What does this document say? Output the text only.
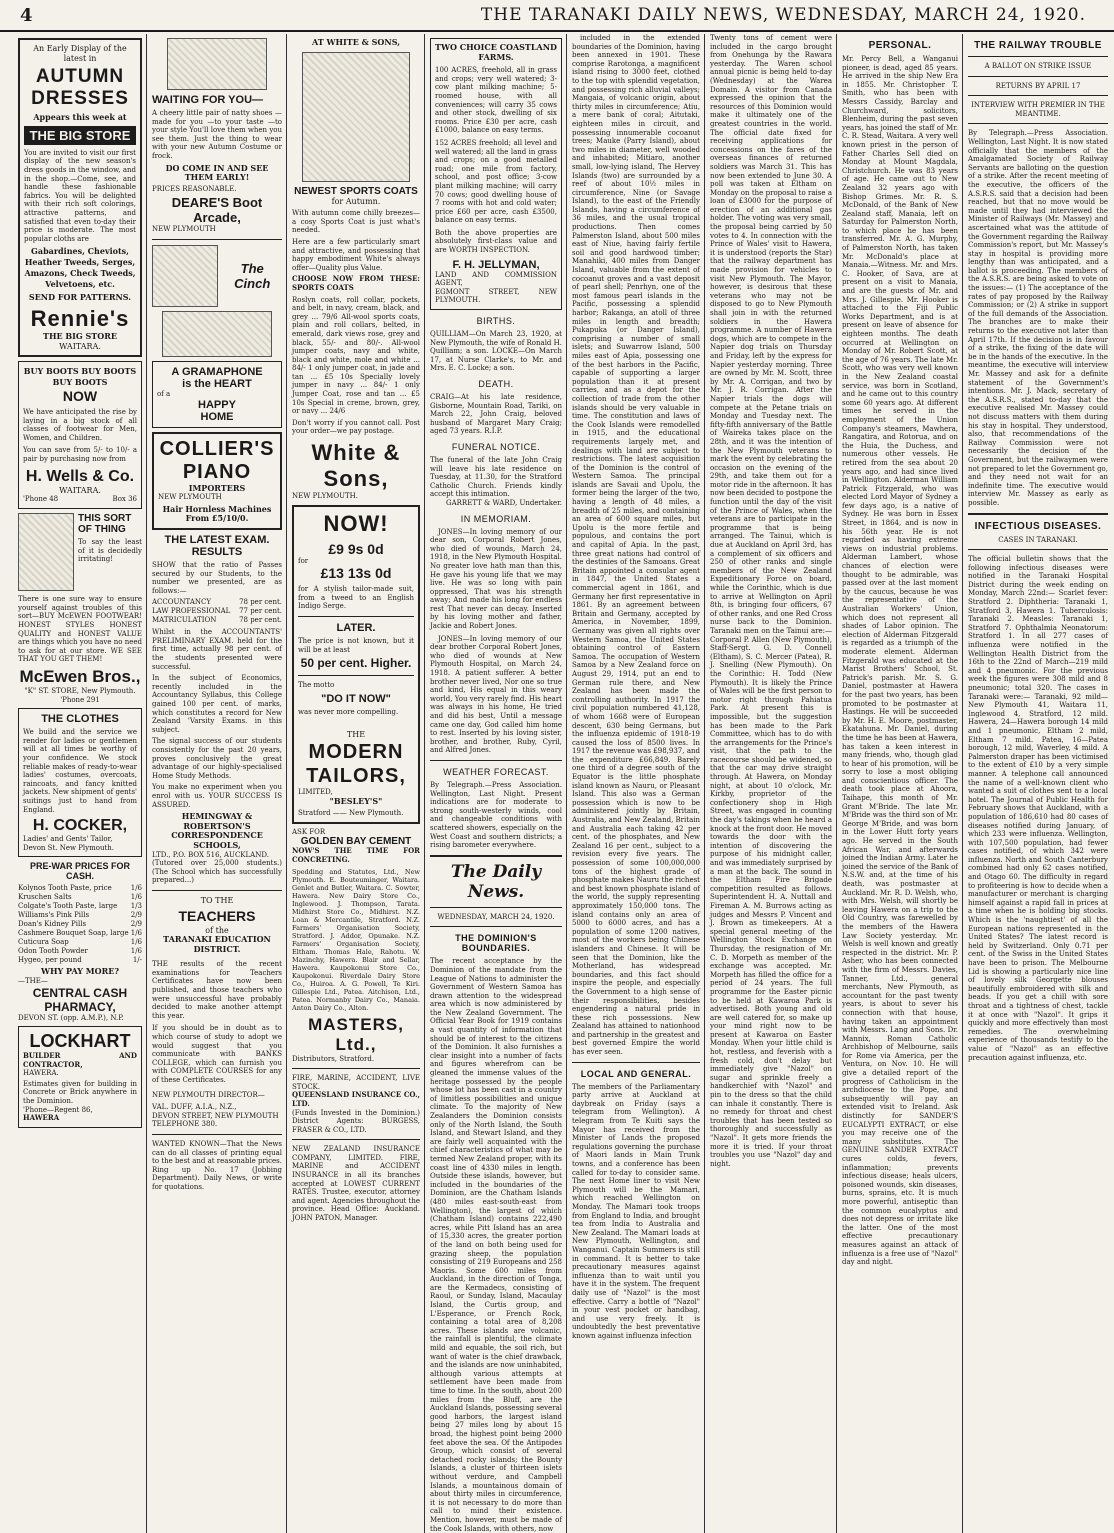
4	THE TARANAKI DAILY NEWS, WEDNESDAY, MARCH 24, 1920.
An Early Display of the latest in
AUTUMN
DRESSES
Appears this week at
THE BIG STORE
You are invited to visit our first display of the new season's dress goods in the window, and in the shop.—Come, see, and handle these fashionable fabrics. You will be delighted with their rich soft colorings, attractive patterns, and satisfied that even to-day their price is moderate. The most popular cloths are
Gabardines, Cheviots, Heather Tweeds, Serges, Amazons, Check Tweeds, Velvetoens, etc.
SEND FOR PATTERNS.
Rennie's
THE BIG STORE
WAITARA.
BUY BOOTS BUY BOOTS BUY BOOTS
NOW
We have anticipated the rise by laying in a big stock of all classes of footwear for Men, Women, and Children.
You can save from 5/- to 10/- a pair by purchasing now from
H. Wells & Co.
WAITARA.
'Phone 48	Box 36
THIS SORT OF THING
To say the least of it is decidedly irritating!
There is one sure way to ensure yourself against troubles of this sort—BUY McEWEN FOOTWEAR! HONEST STYLES HONEST QUALITY and HONEST VALUE are things which you have no need to ask for at our store. WE SEE THAT YOU GET THEM!
McEwen Bros.,
"K" ST. STORE, New Plymouth. 'Phone 291
THE CLOTHES
We build and the service we render for ladies or gentlemen will at all times be worthy of your confidence. We stock reliable makes of ready-to-wear ladies' costumes, overcoats, raincoats, and fancy knitted jackets. New shipment of gents' suitings just to hand from England.
H. COCKER,
Ladies' and Gents' Tailor,
Devon St. New Plymouth.
PRE-WAR PRICES FOR CASH.
Kolynos Tooth Paste, price	1/6
Kruschen Salts	1/6
Colgate's Tooth Paste, large 1/3
Williams's Pink Pills	2/9
Doan's Kidney Pills	2/9
Cashmere Bouquet Soap, large 1/6
Cuticura Soap	1/6
Odon Tooth Powder	1/6
Hygeo, per pound	1/-
WHY PAY MORE?
—THE—
CENTRAL CASH PHARMACY,
DEVON ST. (opp. A.M.P.), N.P.
LOCKHART
BUILDER AND CONTRACTOR,
HAWERA.
Estimates given for building in Concrete or Brick anywhere in the Dominion.
'Phone—Regent 86,
HAWERA
WAITING FOR YOU—
A cheery little pair of natty shoes —made for you —to your taste —to your style You'll love them when you see them. Just the thing to wear with your new Autumn Costume or frock.
DO COME IN AND SEE THEM EARLY!
PRICES REASONABLE.
DEARE'S Boot Arcade,
NEW PLYMOUTH
The Cinch
A GRAMAPHONE
is the HEART
of a
HAPPY
HOME
COLLIER'S
PIANO
IMPORTERS
NEW PLYMOUTH
Hair Hornless Machines From £5/10/0.
THE LATEST EXAM. RESULTS
SHOW that the ratio of Passes secured by our Students, to the number we presented, are as follows:—
ACCOUNTANCY	78 per cent.
LAW PROFESSIONAL 77 per cent.
MATRICULATION	78 per cent.
Whilst in the ACCOUNTANTS' PRELIMINARY EXAM. held for the first time, actually 98 per cent. of the students presented were successful.
In the subject of Economics, recently included in the Accountancy Syllabus, this College gained 100 per cent. of marks, which constitutes a record for New Zealand 'Varsity Exams. in this subject.
The signal success of our students consistently for the past 20 years, proves conclusively the great advantage of our highly-specialised Home Study Methods.
You make no experiment when you enrol with us. YOUR SUCCESS IS ASSURED.
HEMINGWAY & ROBERTSON'S CORRESPONDENCE SCHOOLS,
LTD., P.O. BOX 516, AUCKLAND.
(Tutored over 25,000 students.) (The School which has successfully prepared...)
TO THE
TEACHERS
of the
TARANAKI EDUCATION DISTRICT.
THE results of the recent examinations for Teachers Certificates have now been published, and those teachers who were unsuccessful have probably decided to make another attempt this year.
If you should be in doubt as to which course of study to adopt we would suggest that you communicate with BANKS COLLEGE, which can furnish you with COMPLETE COURSES for any of these Certificates.
NEW PLYMOUTH DIRECTOR—
VAL. DUFF, A.I.A., N.Z.,
DEVON STREET, NEW PLYMOUTH
TELEPHONE 380.
WANTED KNOWN—That the News can do all classes of printing equal to the best and at reasonable prices. Ring up No. 17 (Jobbing Department). Daily News, or write for quotations.
AT WHITE & SONS,
NEWEST SPORTS COATS
for Autumn.
With autumn come chilly breezes—a cosy Sports Coat is just what's needed.
Here are a few particularly smart and attractive, and possessing that happy embodiment White's always offer—Quality plus Value.
CHOOSE NOW FROM THESE: SPORTS COATS
Roslyn coats, roll collar, pockets, and belt, in navy, cream, black, and grey ... 79/6 All-wool sports coats, plain and roll collars, belted, in emerald, dark views rose, grey and black, 55/- and 80/-. All-wool jumper coats, navy and white, black and white, mole and white ... 84/- 1 only jumper coat, in jade and tan ... £5 10s Specially lovely jumper in navy ... 84/- 1 only Jumper Coat, rose and tan ... £5 10s Special in creme, brown, grey, or navy ... 24/6
Don't worry if you cannot call. Post your order—we pay postage.
White & Sons,
NEW PLYMOUTH.
NOW!
£9 9s 0d
for
£13 13s 0d
for A stylish tailor-made suit, from a tweed to an English Indigo Serge.
LATER.
The price is not known, but it will be at least
50 per cent. Higher.
The motto
"DO IT NOW"
was never more compelling.
THE
MODERN TAILORS,
LIMITED,
"BESLEY'S"
Stratford —— New Plymouth.
ASK FOR
GOLDEN BAY CEMENT
NOW'S THE TIME FOR CONCRETING.
Spedding and Statutes, Ltd., New Plymouth. E. Bouteuminger, Waitara. Genlet and Butler, Waitara. C. Sowter, Hawera. New Dairy Store Co., Inglewood. J. Thompson, Tarata. Midhirst Store Co., Midhirst. N.Z. Loan & Mercantile, Stratford. N.Z. Farmers' Organisation Society, Stratford. J. Addor, Opunake. N.Z. Farmers' Organisation Society, Eltham. Thomas Hale, Rahotu. W. Mazinchy, Hawera. Blair and Sellar, Hawera. Kaupokonui Store Co., Kaupokonui. Riverdale Dairy Store Co., Huiroa. A. G. Powell, Te Kiri. Gillespie Ltd., Patea. Aitchison, Ltd., Patea. Normanby Dairy Co., Manaia. Anton Dairy Co., Alton.
MASTERS, Ltd.,
Distributors, Stratford.
FIRE, MARINE, ACCIDENT, LIVE STOCK.
QUEENSLAND INSURANCE CO., LTD.
(Funds Invested in the Dominion.) District Agents: BURGESS, FRASER & CO., LTD.
NEW ZEALAND INSURANCE COMPANY, LIMITED. FIRE, MARINE and ACCIDENT INSURANCE in all its branches accepted at LOWEST CURRENT RATES. Trustee, executor, attorney and agent. Agencies throughout the province. Head Office: Auckland. JOHN PATON, Manager.
TWO CHOICE COASTLAND FARMS.
100 ACRES, freehold, all in grass and crops; very well watered; 3-cow plant milking machine; 5-roomed house, with all conveniences; will carry 35 cows and other stock, dwelling of six rooms. Price £30 per acre, cash £1000, balance on easy terms.
152 ACRES freehold; all level and well watered; all the land in grass and crops; on a good metalled road; one mile from factory, school, and post office; 3-cow plant milking machine; will carry 70 cows; good dwelling house of 7 rooms with hot and cold water; price £60 per acre, cash £3500, balance on easy terms.
Both the above properties are absolutely first-class value and are WORTH INSPECTION.
F. H. JELLYMAN,
LAND AND COMMISSION AGENT,
EGMONT STREET, NEW PLYMOUTH.
BIRTHS.
QUILLIAM—On March 23, 1920, at New Plymouth, the wife of Ronald H. Quilliam; a son. LOCKE—On March 17, at Nurse Clarke's, to Mr. and Mrs. E. C. Locke; a son.
DEATH.
CRAIG—At his late residence, Gisborne, Mountain Road, Tariki, on March 22, John Craig, beloved husband of Margaret Mary Craig; aged 73 years. R.I.P.
FUNERAL NOTICE.
The funeral of the late John Craig will leave his late residence on Tuesday, at 11.30, for the Stratford Catholic Church. Friends kindly accept this intimation.
GARRETT & WARD, Undertaker.
IN MEMORIAM.
JONES—In loving memory of our dear son, Corporal Robert Jones, who died of wounds, March 24, 1918, in the New Plymouth Hospital. No greater love hath man than this, He gave his young life that we may live. He was so long with pain oppressed, That was his strength away; And made his long for endless rest That never can decay. Inserted by his loving mother and father, Jackie and Robert Jones.
JONES—In loving memory of our dear brother Corporal Robert Jones, who died of wounds at New Plymouth Hospital, on March 24, 1918. A patient sufferer. A better brother never lived, Nor one so true and kind, His equal in this weary world, You very rarely find. His heart was always in his home, He tried and did his best, Until a message came one day, God called him home to rest. Inserted by his loving sister, brother, and brother, Ruby, Cyril, and Alfred Jones.
WEATHER FORECAST.
By Telegraph.—Press Association. Wellington, Last Night. Present indications are for moderate to strong south-westerly winds, cool and changeable conditions with scattered showers, especially on the West Coast and southern districts; a rising barometer everywhere.
The Daily News.
WEDNESDAY, MARCH 24, 1920.
THE DOMINION'S BOUNDARIES.
The recent acceptance by the Dominion of the mandate from the League of Nations to administer the Government of Western Samoa has drawn attention to the widespread area which is now administered by the New Zealand Government. The Official Year Book for 1919 contains a vast quantity of information that should be of interest to the citizens of the Dominion. It also furnishes a clear insight into a number of facts and figures wherefrom can be gleaned the immense values of the heritage possessed by the people whose lot has been cast in a country of limitless possibilities and unique climate. To the majority of New Zealanders the Dominion consists only of the North Island, the South Island, and Stewart Island, and they are fairly well acquainted with the chief characteristics of what may be termed New Zealand proper, with its coast line of 4330 miles in length. Outside these islands, however, but included in the boundaries of the Dominion, are the Chatham Islands (480 miles east-south-east from Wellington), the largest of which (Chatham Island) contains 222,490 acres, while Pitt Island has an area of 15,330 acres, the greater portion of the land on both being used for grazing sheep, the population consisting of 219 Europeans and 258 Maoris. Some 600 miles from Auckland, in the direction of Tonga, are the Kermadecs, consisting of Raoul, or Sunday, Island, Macaulay Island, the Curtis group, and L'Esperance, or French Rock, containing a total area of 8,208 acres. These islands are volcanic, the rainfall is plentiful, the climate mild and equable, the soil rich, but want of water is the chief drawback, and the islands are now uninhabited, although various attempts at settlement have been made from time to time. In the south, about 200 miles from the Bluff, are the Auckland Islands, possessing several good harbors, the largest island being 27 miles long by about 15 broad, the highest point being 2000 feet above the sea. Of the Antipodes Group, which consist of several detached rocky islands; the Bounty Islands, a cluster of thirteen islets without verdure, and Campbell Islands, a mountainous domain of about thirty miles in circumference, it is not necessary to do more than call to mind their existence. Mention, however, must be made of the Cook Islands, with others, now
included in the extended boundaries of the Dominion, having been annexed in 1901. These comprise Rarotonga, a magnificent island rising to 3000 feet, clothed to the top with splendid vegetation, and possessing rich alluvial valleys; Mangaia, of volcanic origin, about thirty miles in circumference; Atiu, a mere bank of coral; Aitutaki, eighteen miles in circuit, and possessing innumerable cocoanut trees; Mauke (Parry Island), about two miles in diameter, well wooded and inhabited; Mitiaro, another small, low-lying island, The Hervey Islands (two) are surrounded by a reef of about 10½ miles in circumference, Nine (or Savage Island), to the east of the Friendly Islands, having a circumference of 36 miles, and the usual tropical productions. Then comes Palmerston Island, about 500 miles east of Niue, having fairly fertile soil and good hardwood timber; Manahiki, 400 miles from Danger Island, valuable from the extent of cocoanut groves and a vast deposit of pearl shell; Penrhyn, one of the most famous pearl islands in the Pacific, possessing a splendid harbor; Rakanga, an atoll of three miles in length and breadth; Pukapuka (or Danger Island), comprising a number of small islets; and Suwarrow Island, 500 miles east of Apia, possessing one of the best harbors in the Pacific, capable of supporting a larger population than it at present carries, and as a depot for the collection of trade from the other islands should be very valuable in time. The constitution and laws of the Cook Islands were remodelled in 1915, and the educational requirements largely met, and dealings with land are subject to restrictions. The latest acquisition of the Dominion is the control of Western Samoa. The principal islands are Savaii and Upolu, the former being the larger of the two, having a length of 48 miles, a breadth of 25 miles, and containing an area of 600 square miles, but Upolu is the more fertile and populous, and contains the port and capital of Apia. In the past, three great nations had control of the destinies of the Samoans. Great Britain appointed a consular agent in 1847, the United States a commercial agent in 1861, and Germany her first representative in 1861. By an agreement between Britain and Germany, accepted by America, in November, 1899, Germany was given all rights over Western Samoa, the United States obtaining control of Eastern Samoa. The occupation of Western Samoa by a New Zealand force on August 29, 1914, put an end to German rule there, and New Zealand has been made the controlling authority. In 1917 the civil population numbered 41,128, of whom 1668 were of European descent, 630 being Germans, but the influenza epidemic of 1918-19 caused the loss of 8500 lives. In 1917 the revenue was £98,937, and the expenditure £66,849. Barely one third of a degree south of the Equator is the little phosphate island known as Nauru, or Pleasant Island. This also was a German possession which is now to be administered jointly by Britain, Australia, and New Zealand, Britain and Australia each taking 42 per cent. of the phosphates, and New Zealand 16 per cent., subject to a revision every five years. The possession of some 100,000,000 tons of the highest grade of phosphate makes Nauru the richest and best known phosphate island of the world, the supply representing approximately 150,000 tons. The island contains only an area of 5000 to 6000 acres, and has a population of some 1200 natives, most of the workers being Chinese islanders and Chinese. It will be seen that the Dominion, like the Motherland, has widespread boundaries, and this fact should inspire the people, and especially the Government to a high sense of their responsibilities, besides engendering a natural pride in these rich possessions. New Zealand has attained to nationhood and partnership in the greatest and best governed Empire the world has ever seen.
LOCAL AND GENERAL.
The members of the Parliamentary party arrive at Auckland at daybreak on Friday (says a telegram from Wellington). A telegram from Te Kuiti says the Mayor has received from the Minister of Lands the proposed regulations governing the purchase of Maori lands in Main Trunk towns, and a conference has been called for to-day to consider same. The next Home liner to visit New Plymouth will be the Mamari, which reached Wellington on Monday. The Mamari took troops from England to India, and brought tea from India to Australia and New Zealand. The Mamari loads at New Plymouth, Wellington, and Wanganui. Captain Summers is still in command. It is better to take precautionary measures against influenza than to wait until you have it in the system. The frequent daily use of "Nazol" is the most effective. Carry a bottle of "Nazol" in your vest pocket or handbag, and use very freely. It is undoubtedly the best preventative known against influenza infection
Twenty tons of cement were included in the cargo brought from Onehunga by the Rawara yesterday. The Waren school annual picnic is being held to-day (Wednesday) at the Warea Domain. A visitor from Canada expressed the opinion that the resources of this Dominion would make it ultimately one of the greatest countries in the world. The official date fixed for receiving applications for concessions on the fares of the overseas finances of returned soldiers was March 31. This has now been extended to June 30. A poll was taken at Eltham on Monday on the proposal to raise a loan of £3000 for the purpose of erection of an additional gas holder. The voting was very small, the proposal being carried by 50 votes to 4. In connection with the Prince of Wales' visit to Hawera, it is understood (reports the Star) that the railway department has made provision for vehicles to visit New Plymouth. The Mayor, however, is desirous that these veterans who may not be disposed to go to New Plymouth shall join in with the returned soldiers in the Hawera programme. A number of Hawera dogs, which are to compete in the Napier dog trials on Thursday and Friday, left by the express for Napier yesterday morning. Three are owned by Mr. M. Scott, three by Mr. A. Corrigan, and two by Mr. J. R. Corrigan. After the Napier trials the dogs will compete at the Petane trials on Monday and Tuesday next. The fifty-fifth anniversary of the Battle of Waireka takes place on the 28th, and it was the intention of the New Plymouth veterans to mark the event by celebrating the occasion on the evening of the 29th, and take them out for a motor ride in the afternoon. It has now been decided to postpone the function until the day of the visit of the Prince of Wales, when the veterans are to participate in the programme that is being arranged. The Tainui, which is due at Auckland on April 3rd, has a complement of six officers and 250 of other ranks and single members of the New Zealand Expeditionary Force on board, while the Corinthic, which is due to arrive at Wellington on April 8th, is bringing four officers, 67 of other ranks, and one Red Cross nurse back to the Dominion. Taranaki men on the Tainui are:—Corporal P. Allen (New Plymouth), Staff-Sergt. G. D. Connell (Eltham), S. C. Mercer (Patea), R. J. Snelling (New Plymouth). On the Corinthic: H. Todd (New Plymouth). It is likely the Prince of Wales will be the first person to motor right through Pahiatua Park. At present this is impossible, but the suggestion has been made to the Park Committee, which has to do with the arrangements for the Prince's visit, that the path to the racecourse should be widened, so that the car may drive straight through. At Hawera, on Monday night, at about 10 o'clock, Mr. Kirkby, proprietor of the confectionery shop in High Street, was engaged in counting the day's takings when he heard a knock at the front door. He moved towards the door with the intention of discovering the purpose of his midnight caller, and was immediately surprised by a man at the back. The sound in the Eltham Fire Brigade competition resulted as follows. Superintendent H. A. Nuttall and Fireman A. M. Burrows acting as judges and Messrs P. Vincent and J. Brown as timekeepers. At a special general meeting of the Wellington Stock Exchange on Thursday, the resignation of Mr. C. D. Morpeth as member of the exchange was accepted. Mr. Morpeth has filled the office for a period of 24 years. The full programme for the Easter picnic to be held at Kawaroa Park is advertised. Both young and old are well catered for, so make up your mind right now to be present at Kawaroa on Easter Monday. When your little child is hot, restless, and feverish with a fresh cold, don't delay but immediately give "Nazol" on sugar and sprinkle freely a handkerchief with "Nazol" and pin to the dress so that the child can inhale it constantly. There is no remedy for throat and chest troubles that has been tested so thoroughly and successfully as "Nazol". It gets more friends the more it is tried. If your throat troubles you use "Nazol" day and night.
PERSONAL.
Mr. Percy Bell, a Wanganui pioneer, is dead, aged 85 years. He arrived in the ship New Era in 1855. Mr. Christopher T. Smith, who has been with Messrs Cassidy, Barclay and Churchward, solicitors, Blenheim, during the past seven years, has joined the staff of Mr. C. R. Stead, Waitara. A very well known priest in the person of Father Charles Sell died on Monday at Mount Magdala, Christchurch. He was 83 years of age. He came out to New Zealand 32 years ago with Bishop Grimes. Mr. R. S. McDonald, of the Bank of New Zealand staff, Manaia, left on Saturday for Palmerston North, to which place he has been transferred. Mr. A. G. Murphy, of Palmerston North, has taken Mr. McDonald's place at Manaia.—Witness. Mr. and Mrs. C. Hooker, of Sava, are at present on a visit to Manaia, and are the guests of Mr. and Mrs. J. Gillespie. Mr. Hooker is attached to the Fiji Public Works Department, and is at present on leave of absence for eighteen months. The death occurred at Wellington on Monday of Mr. Robert Scott, at the age of 76 years. The late Mr. Scott, who was very well known in the New Zealand coastal service, was born in Scotland, and he came out to this country some 60 years ago. At different times he served in the employment of the Union Company's steamers, Mawhera, Rangatira, and Rotorua, and on the Huia, the Duchess, and numerous other vessels. He retired from the sea about 20 years ago, and had since lived in Wellington. Alderman William Patrick Fitzgerald, who was elected Lord Mayor of Sydney a few days ago, is a native of Sydney. He was born in Essex Street, in 1864, and is now in his 56th year. He is not regarded as having extreme views on industrial problems. Alderman Lambert, whose chances of election were thought to be admirable, was passed over at the last moment by the caucus, because he was the representative of the Australian Workers' Union, which does not represent all shades of Labor opinion. The election of Alderman Fitzgerald is regarded as a triumph of the moderate element. Alderman Fitzgerald was educated at the Marist Brothers' School, St. Patrick's parish. Mr. S. G. Daniel, postmaster at Hawera for the past two years, has been promoted to be postmaster at Hastings. He will be succeeded by Mr. H. E. Moore, postmaster, Ekatahuna. Mr. Daniel, during the time he has been at Hawera, has taken a keen interest in many friends, who, though glad to hear of his promotion, will be sorry to lose a most obliging and conscientious officer. The death took place at Ahoora, Taihape, this month of Mr. Grant M'Bride. The late Mr. M'Bride was the third son of Mr. George M'Bride, and was born in the Lower Hutt forty years ago. He served in the South African War, and afterwards joined the Indian Army. Later he joined the service of the Bank of N.S.W. and, at the time of his death, was postmaster at Auckland. Mr. R. D. Welsh, who, with Mrs. Welsh, will shortly be leaving Hawera on a trip to the Old Country, was farewelled by the members of the Hawera Law Society yesterday. Mr. Welsh is well known and greatly respected in the district. Mr. P. Asher, who has been connected with the firm of Messrs. Davies, Tanner, Ltd., general merchants, New Plymouth, as accountant for the past twenty years, is about to sever his connection with that house, having taken an appointment with Messrs. Lang and Sons. Dr. Mannix, Roman Catholic Archbishop of Melbourne, sails for Rome via America, per the Ventura, on Nov. 10. He will give a detailed report of the progress of Catholicism in the archdiocese to the Pope, and subsequently will pay an extended visit to Ireland. Ask distinctly for SANDER'S EUCALYPTI EXTRACT, or else you may receive one of the many substitutes. The GENUINE SANDER EXTRACT cures colds, fevers, inflammation; prevents infectious disease; heals ulcers, poisoned wounds, skin diseases, burns, sprains, etc. It is much more powerful, antiseptic than the common eucalyptus and does not depress or irritate like the latter. One of the most effective precautionary measures against an attack of influenza is a free use of "Nazol" day and night.
THE RAILWAY TROUBLE
A BALLOT ON STRIKE ISSUE
RETURNS BY APRIL 17
INTERVIEW WITH PREMIER IN THE MEANTIME.
By Telegraph.—Press Association. Wellington, Last Night. It is now stated officially that the members of the Amalgamated Society of Railway Servants are balloting on the question of a strike. After the recent meeting of the executive, the officers of the A.S.R.S. said that a decision had been reached, but that no move would be made until they had interviewed the Minister of Railways (Mr. Massey) and ascertained what was the attitude of the Government regarding the Railway Commission's report, but Mr. Massey's stay in hospital is providing more lengthy than was anticipated, and a ballot is proceeding. The members of the A.S.R.S. are being asked to vote on the issues:— (1) The acceptance of the rates of pay proposed by the Railway Commission; or (2) A strike in support of the full demands of the Association. The branches are to make their returns to the executive not later than April 17th. If the decision is in favour of a strike, the fixing of the date will be in the hands of the executive. In the meantime, the executive will interview Mr. Massey and ask for a definite statement of the Government's intentions. Mr. J. Mack, secretary of the A.S.R.S., stated to-day that the executive realised Mr. Massey could not discuss matters with them during his stay in hospital. They understood, also, that recommendations of the Railway Commission were not necessarily the decision of the Government, but the railwaymen were not prepared to let the Government go, and they need not wait for an indefinite time. The executive would interview Mr. Massey as early as possible.
INFECTIOUS DISEASES.
CASES IN TARANAKI.
The official bulletin shows that the following infectious diseases were notified in the Taranaki Hospital District during the week ending on Monday, March 22nd:— Scarlet fever: Stratford 2. Diphtheria: Taranaki 1, Stratford 3, Hawera 1. Tuberculosis: Taranaki 2. Measles: Taranaki 1, Stratford 7. Ophthalmia Neonatorum: Stratford 1. In all 277 cases of influenza were notified in the Wellington Health District from the 16th to the 22nd of March—219 mild and 4 pneumonic. For the previous week the figures were 308 mild and 8 pneumonic; total 320. The cases in Taranaki were:— Taranaki, 92 mild—New Plymouth 41, Waitara 11, Inglewood 4, Stratford, 12 mild. Hawera, 24—Hawera borough 14 mild and 1 pneumonic, Eltham 2 mild, Eltham 7 mild. Patea, 16—Patea borough, 12 mild, Waverley, 4 mild. A Palmerston draper has been victimised to the extent of £10 by a very simple manner. A telephone call announced the name of a well-known client who wanted a suit of clothes sent to a local hotel. The Journal of Public Health for February shows that Auckland, with a population of 186,610 had 80 cases of diseases notified during January, of which 233 were influenza. Wellington, with 107,500 population, had fewer cases notified, of which 342 were influenza. North and South Canterbury combined had only 62 cases notified, and Otago 60. The difficulty in regard to profiteering is how to decide when a manufacturer or merchant is charging himself against a rapid fall in prices at a time when he is holding big stocks. Which is the 'naughtiest' of all the European nations represented in the United States? The latest record is held by Switzerland. Only 0.71 per cent. of the Swiss in the United States have been to prison. The Melbourne Lid is showing a particularly nice line of lovely silk Georgette blouses beautifully embroidered with silk and beads. If you get a chill with sore throat and a tightness of chest, tackle it at once with "Nazol". It grips it quickly and more effectively than most remedies. The overwhelming experience of thousands testify to the value of "Nazol" as an effective precaution against influenza, etc.
